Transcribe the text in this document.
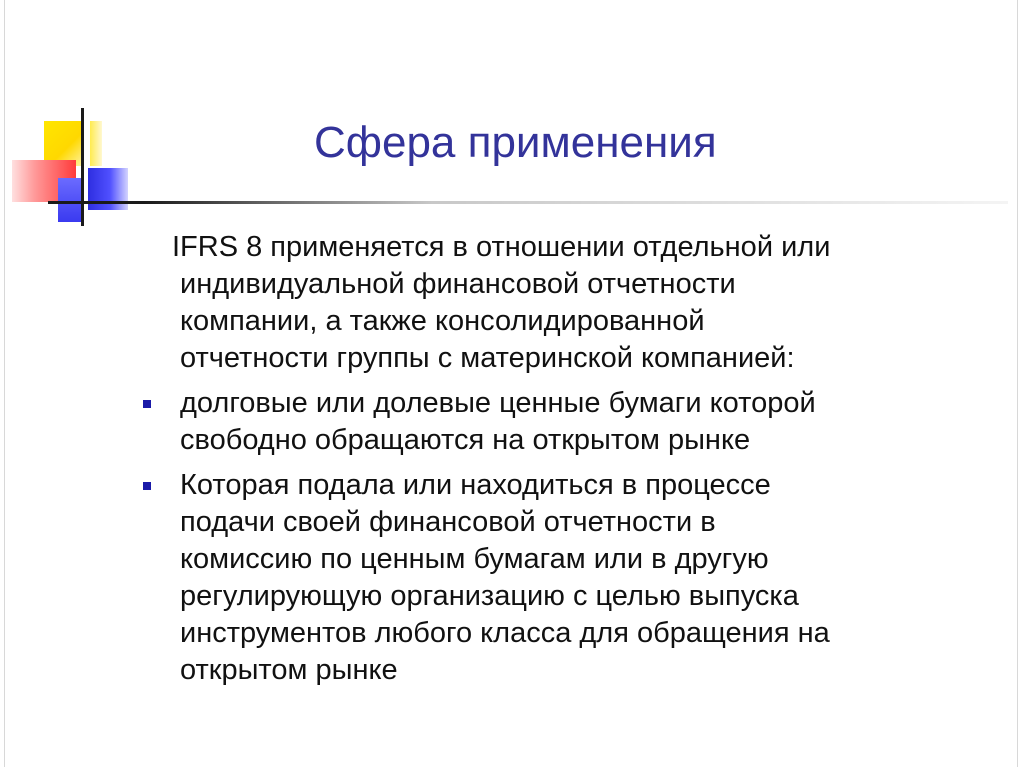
Сфера применения
IFRS 8 применяется в отношении отдельной или
индивидуальной финансовой отчетности
компании, а также консолидированной
отчетности группы с материнской компанией:
долговые или долевые ценные бумаги которой
свободно обращаются на открытом рынке
Которая подала или находиться в процессе
подачи своей финансовой отчетности в
комиссию по ценным бумагам или в другую
регулирующую организацию с целью выпуска
инструментов любого класса для обращения на
открытом рынке
